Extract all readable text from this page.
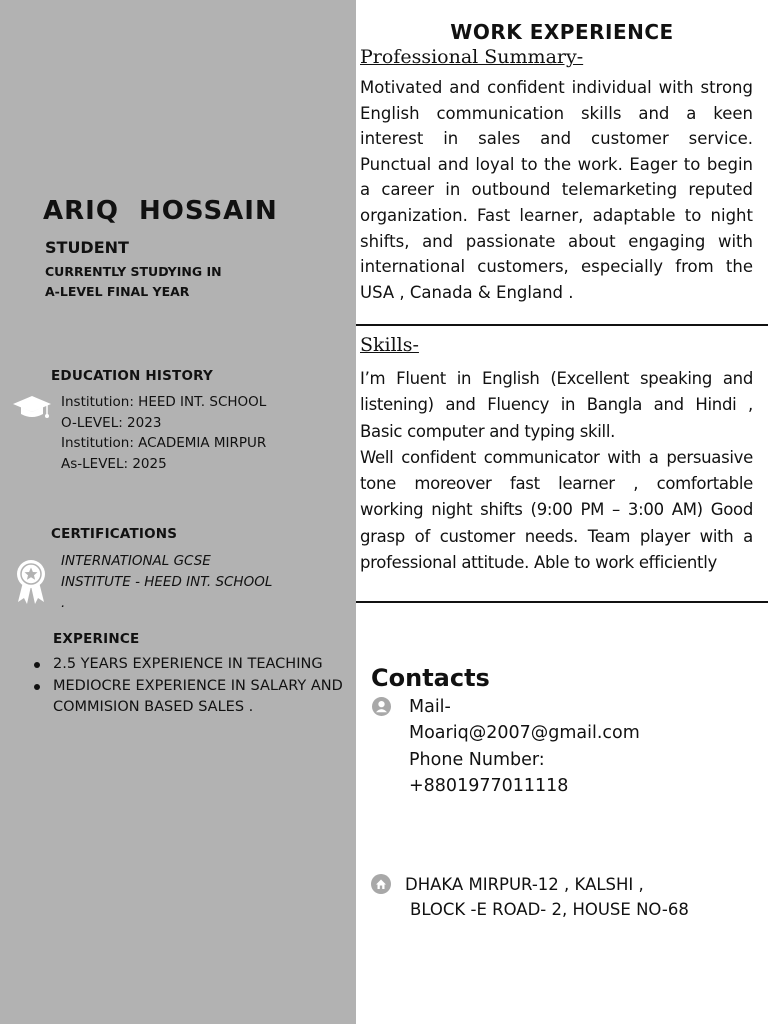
ARIQ  HOSSAIN
STUDENT
CURRENTLY STUDYING IN
A-LEVEL FINAL YEAR
EDUCATION HISTORY
Institution: HEED INT. SCHOOL
O-LEVEL: 2023
Institution: ACADEMIA MIRPUR
As-LEVEL: 2025
CERTIFICATIONS
INTERNATIONAL GCSE
INSTITUTE - HEED INT. SCHOOL
.
EXPERINCE
2.5 YEARS EXPERIENCE IN TEACHING
MEDIOCRE EXPERIENCE IN SALARY AND COMMISION BASED SALES .
WORK EXPERIENCE
Professional Summary-

Motivated and confident individual with strong English communication skills and a keen interest in sales and customer service. Punctual and loyal to the work. Eager to begin a career in outbound telemarketing reputed organization. Fast learner, adaptable to night shifts, and passionate about engaging with international customers, especially from the USA , Canada & England .

Skills-

I’m Fluent in English (Excellent speaking and listening) and Fluency in Bangla and Hindi , Basic computer and typing skill.

Well confident communicator with a persuasive tone moreover fast learner , comfortable working night shifts (9:00 PM – 3:00 AM) Good grasp of customer needs. Team player with a professional attitude. Able to work efficiently

Contacts
Mail-
Moariq@2007@gmail.com
Phone Number:
+8801977011118
DHAKA MIRPUR-12 , KALSHI ,
BLOCK -E ROAD- 2, HOUSE NO-68
